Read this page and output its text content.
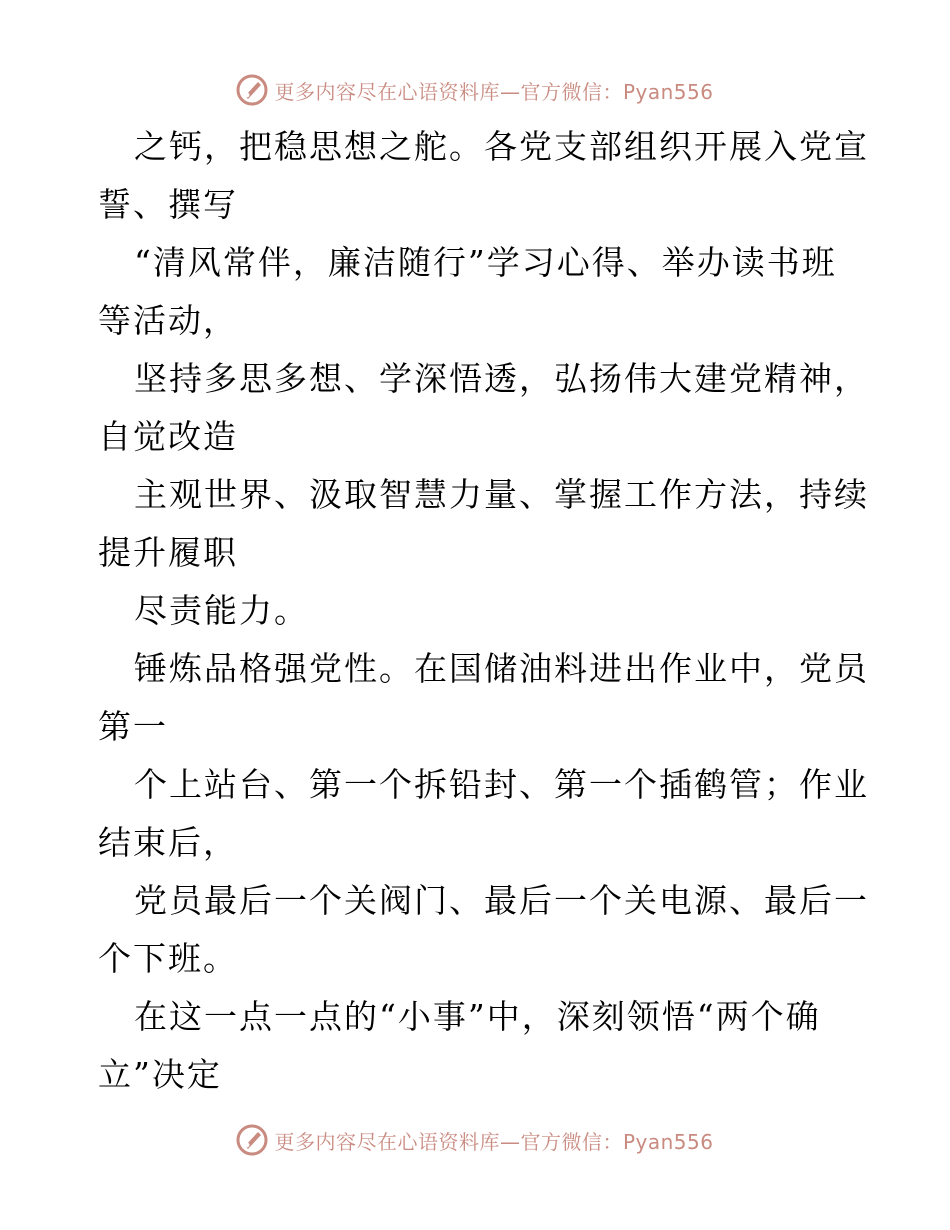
更多内容尽在心语资料库—官方微信：Pyan556
之钙，把稳思想之舵。各党支部组织开展入党宣
誓、撰写
“清风常伴，廉洁随行”学习心得、举办读书班
等活动，
坚持多思多想、学深悟透，弘扬伟大建党精神，
自觉改造
主观世界、汲取智慧力量、掌握工作方法，持续
提升履职
尽责能力。
锤炼品格强党性。在国储油料进出作业中，党员
第一
个上站台、第一个拆铅封、第一个插鹤管；作业
结束后，
党员最后一个关阀门、最后一个关电源、最后一
个下班。
在这一点一点的“小事”中，深刻领悟“两个确
立”决定
更多内容尽在心语资料库—官方微信：Pyan556
